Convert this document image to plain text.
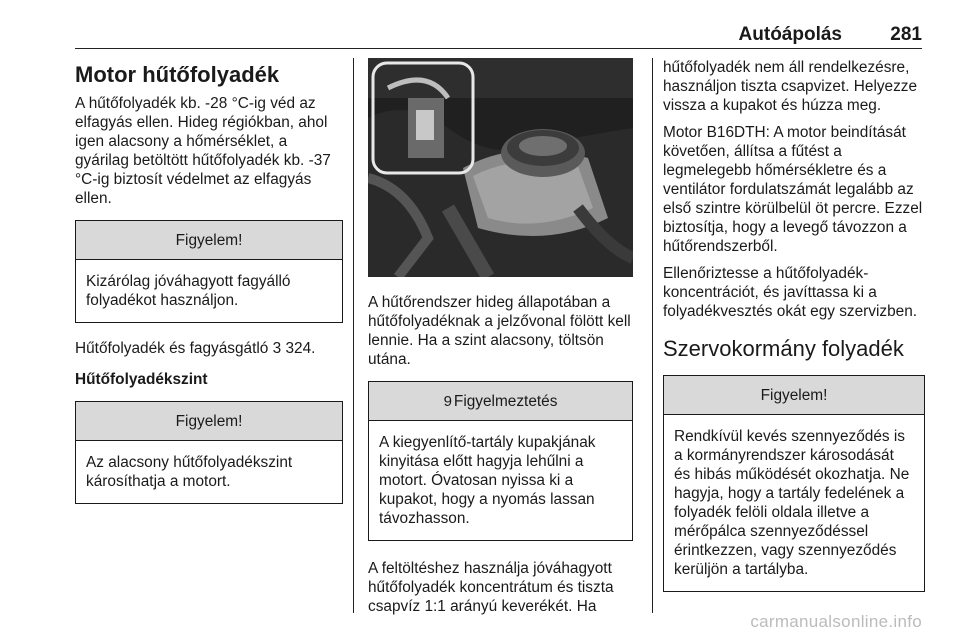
Autóápolás	281
Motor hűtőfolyadék

A hűtőfolyadék kb. -28 °C-ig véd az elfagyás ellen. Hideg régiókban, ahol igen alacsony a hőmérséklet, a gyárilag betöltött hűtőfolyadék kb. -37 °C-ig biztosít védelmet az elfagyás ellen.

Figyelem!
Kizárólag jóváhagyott fagyálló folyadékot használjon.

Hűtőfolyadék és fagyásgátló 3 324.

Hűtőfolyadékszint
Figyelem!
Az alacsony hűtőfolyadékszint károsíthatja a motort.

A hűtőrendszer hideg állapotában a hűtőfolyadéknak a jelzővonal fölött kell lennie. Ha a szint alacsony, töltsön utána.

9 Figyelmeztetés
A kiegyenlítő-tartály kupakjának kinyitása előtt hagyja lehűlni a motort. Óvatosan nyissa ki a kupakot, hogy a nyomás lassan távozhasson.

A feltöltéshez használja jóváhagyott hűtőfolyadék koncentrátum és tiszta csapvíz 1:1 arányú keverékét. Ha

hűtőfolyadék nem áll rendelkezésre, használjon tiszta csapvizet. Helyezze vissza a kupakot és húzza meg.

Motor B16DTH: A motor beindítását követően, állítsa a fűtést a legmelegebb hőmérsékletre és a ventilátor fordulatszámát legalább az első szintre körülbelül öt percre. Ezzel biztosítja, hogy a levegő távozzon a hűtőrendszerből.

Ellenőriztesse a hűtőfolyadék-koncentrációt, és javíttassa ki a folyadékvesztés okát egy szervizben.

Szervokormány folyadék
Figyelem!
Rendkívül kevés szennyeződés is a kormányrendszer károsodását és hibás működését okozhatja. Ne hagyja, hogy a tartály fedelének a folyadék felöli oldala illetve a mérőpálca szennyeződéssel érintkezzen, vagy szennyeződés kerüljön a tartályba.
carmanualsonline.info
